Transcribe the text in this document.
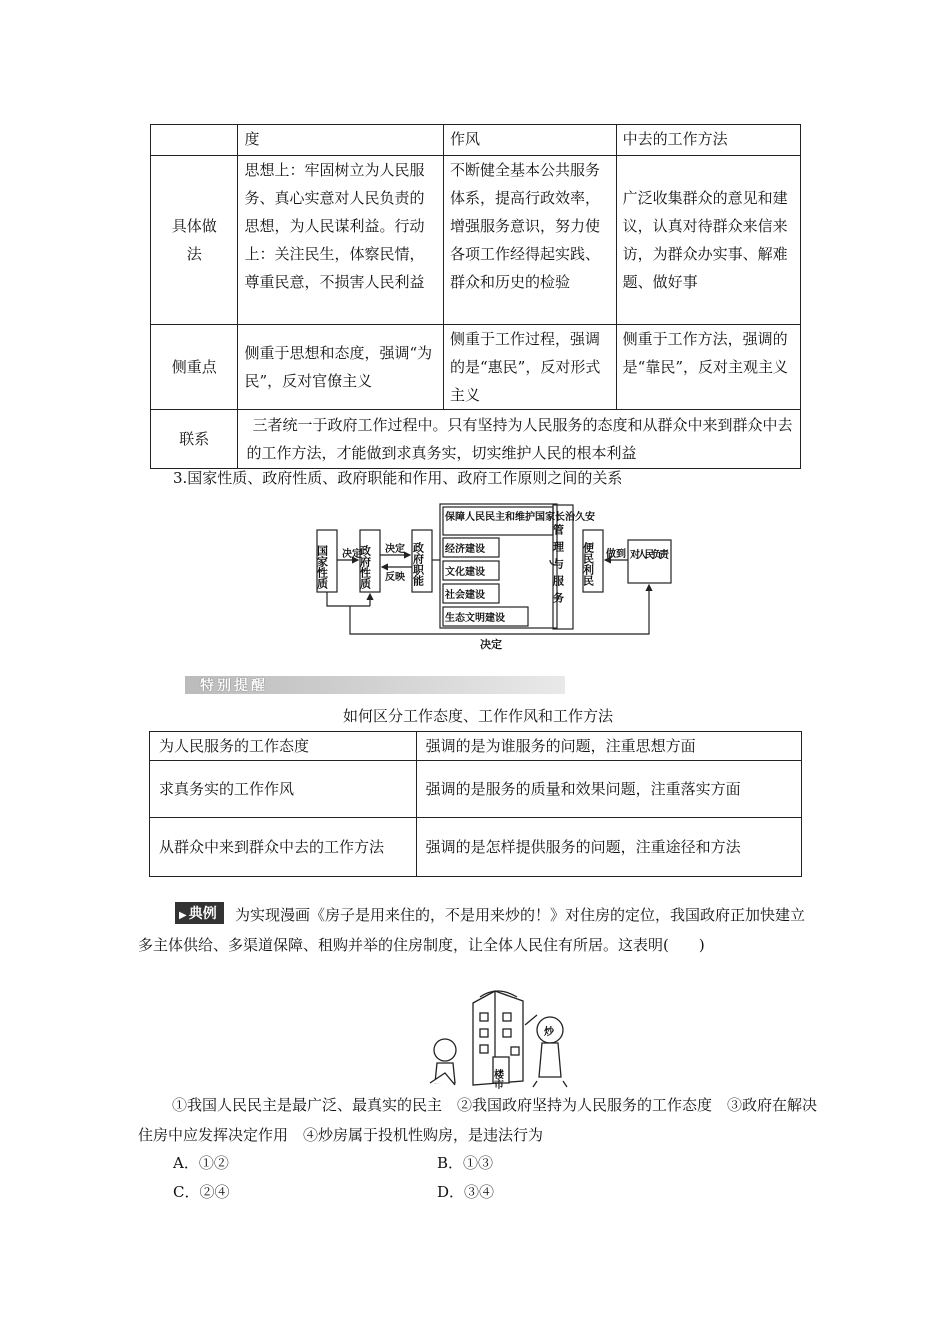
	度	作风	中去的工作方法
具体做法	思想上：牢固树立为人民服务、真心实意对人民负责的思想，为人民谋利益。行动上：关注民生，体察民情，尊重民意，不损害人民利益	不断健全基本公共服务体系，提高行政效率，增强服务意识，努力使各项工作经得起实践、群众和历史的检验	广泛收集群众的意见和建议，认真对待群众来信来访，为群众办实事、解难题、做好事
侧重点	侧重于思想和态度，强调“为民”，反对官僚主义	侧重于工作过程，强调的是“惠民”，反对形式主义	侧重于工作方法，强调的是“靠民”，反对主观主义
联系	三者统一于政府工作过程中。只有坚持为人民服务的态度和从群众中来到群众中去的工作方法，才能做到求真务实，切实维护人民的根本利益		
3.国家性质、政府性质、政府职能和作用、政府工作原则之间的关系
国家性质	政府性质	政府职能
决定 决定
反映
保障人民民主和维护国家长治久安
经济建设
文化建设
社会建设
生态文明建设
管理与服务 便民利民 做到 对人民负责
决定
特别提醒
如何区分工作态度、工作作风和工作方法
为人民服务的工作态度	强调的是为谁服务的问题，注重思想方面
求真务实的工作作风	强调的是服务的质量和效果问题，注重落实方面
从群众中来到群众中去的工作方法	强调的是怎样提供服务的问题，注重途径和方法
▶ 典例	为实现漫画《房子是用来住的，不是用来炒的！》对住房的定位，我国政府正加快建立多主体供给、多渠道保障、租购并举的住房制度，让全体人民住有所居。这表明(　　)
楼市
炒
①我国人民民主是最广泛、最真实的民主　②我国政府坚持为人民服务的工作态度　③政府在解决住房中应发挥决定作用　④炒房属于投机性购房，是违法行为
A．①②	B．①③
C．②④	D．③④
